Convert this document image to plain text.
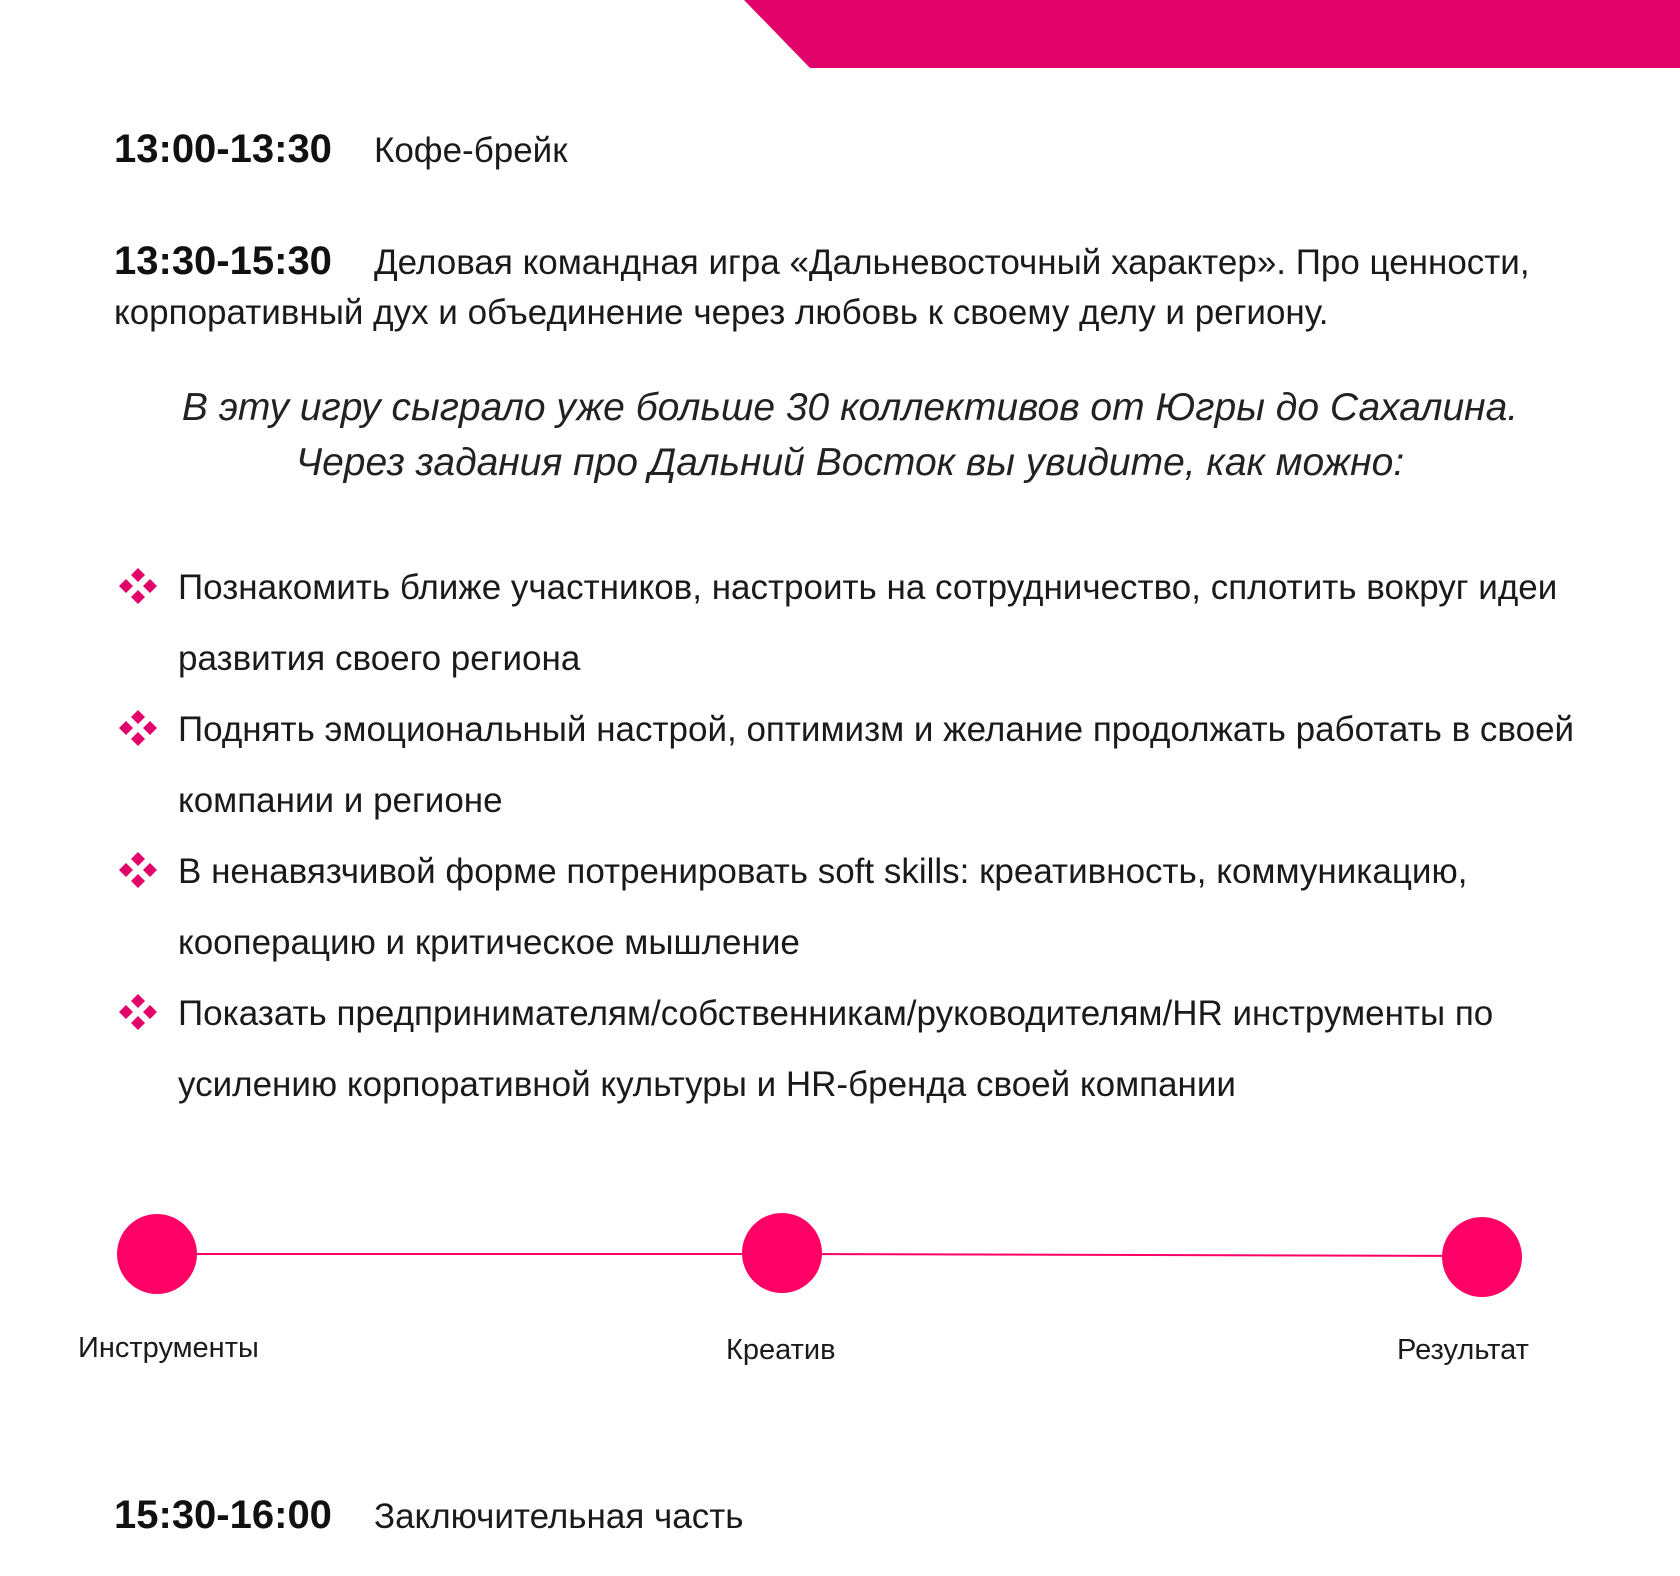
13:00-13:30 Кофе-брейк
13:30-15:30 Деловая командная игра «Дальневосточный характер». Про ценности, корпоративный дух и объединение через любовь к своему делу и региону.
В эту игру сыграло уже больше 30 коллективов от Югры до Сахалина.
Через задания про Дальний Восток вы увидите, как можно:
Познакомить ближе участников, настроить на сотрудничество, сплотить вокруг идеи развития своего региона
Поднять эмоциональный настрой, оптимизм и желание продолжать работать в своей компании и регионе
В ненавязчивой форме потренировать soft skills: креативность, коммуникацию, кооперацию и критическое мышление
Показать предпринимателям/собственникам/руководителям/HR инструменты по усилению корпоративной культуры и HR-бренда своей компании
Инструменты	Креатив	Результат
15:30-16:00 Заключительная часть
